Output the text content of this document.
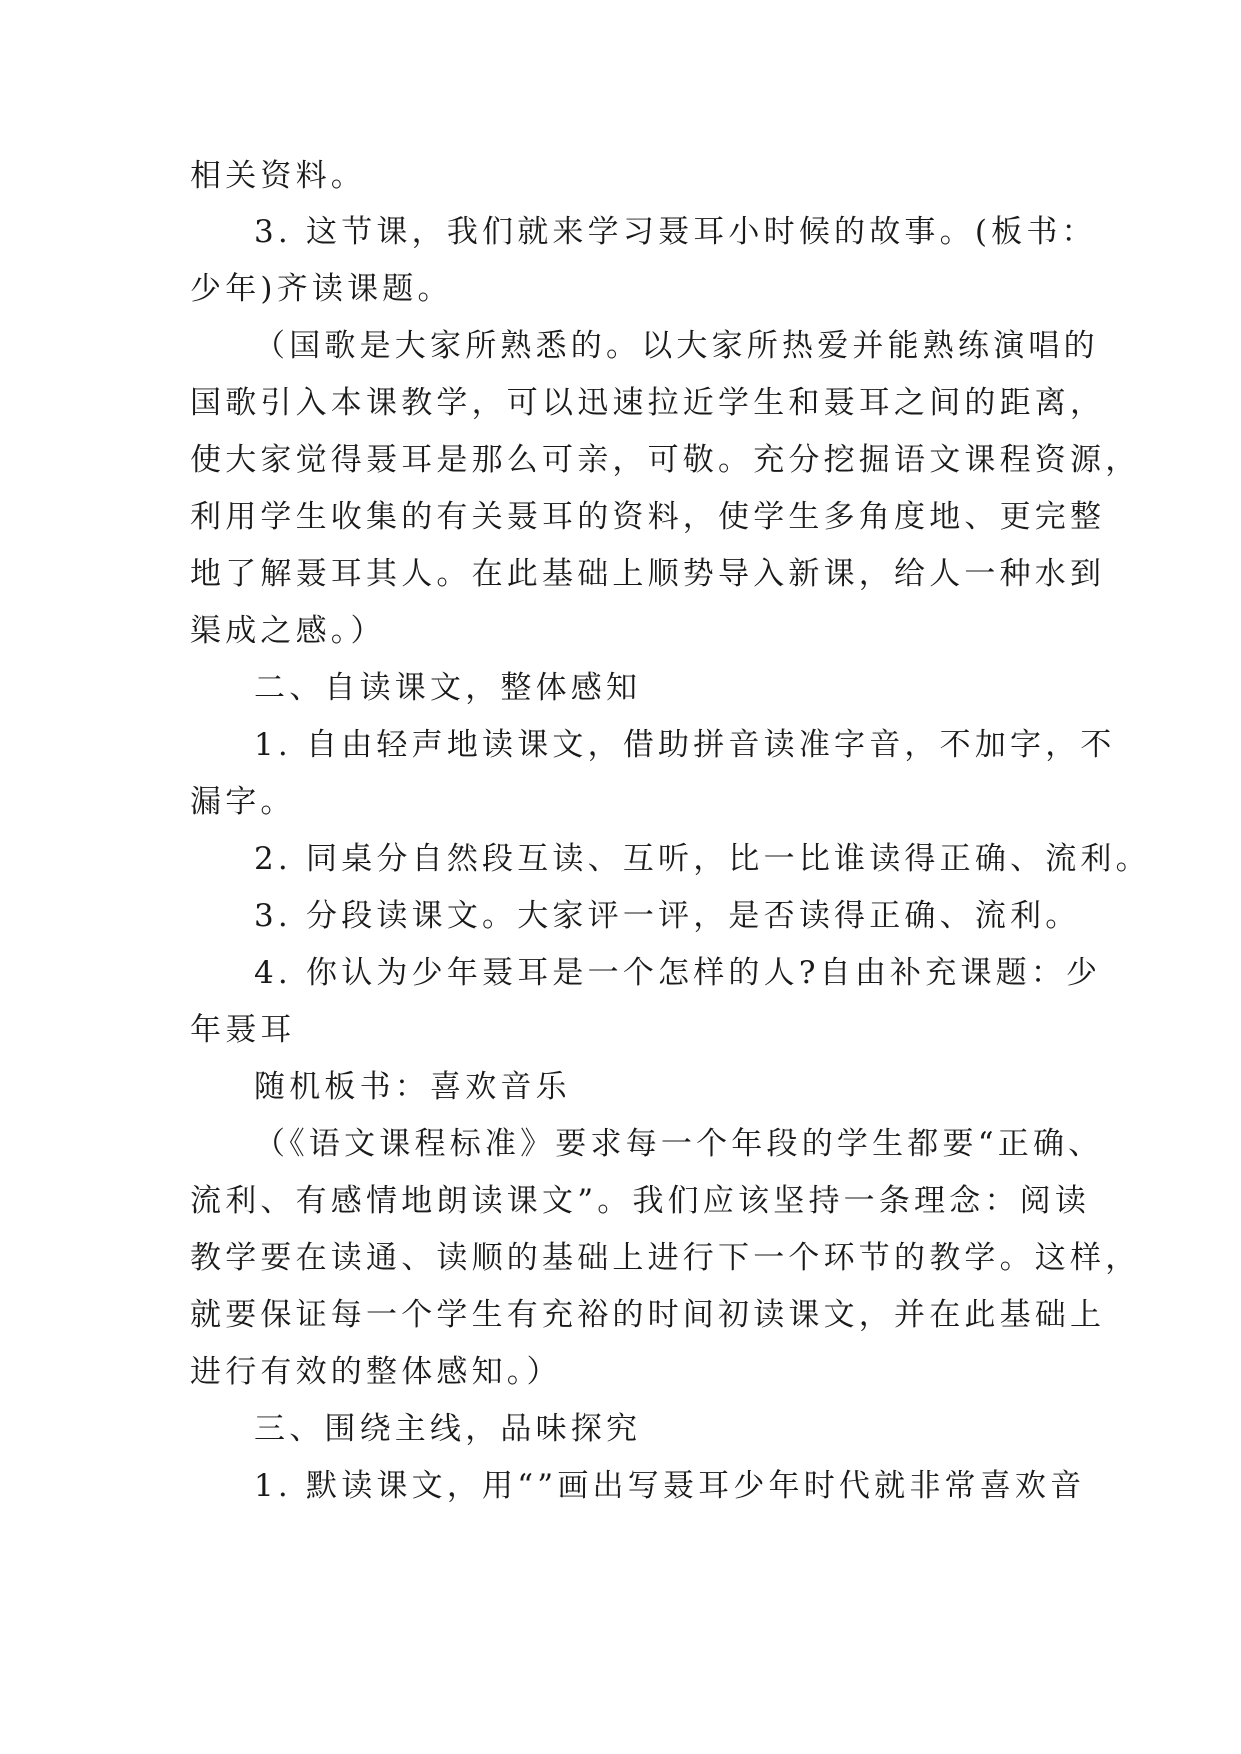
相关资料。
3. 这节课，我们就来学习聂耳小时候的故事。(板书：
少年)齐读课题。
（国歌是大家所熟悉的。以大家所热爱并能熟练演唱的
国歌引入本课教学，可以迅速拉近学生和聂耳之间的距离，
使大家觉得聂耳是那么可亲，可敬。充分挖掘语文课程资源，
利用学生收集的有关聂耳的资料，使学生多角度地、更完整
地了解聂耳其人。在此基础上顺势导入新课，给人一种水到
渠成之感。）
二、自读课文，整体感知
1. 自由轻声地读课文，借助拼音读准字音，不加字，不
漏字。
2. 同桌分自然段互读、互听，比一比谁读得正确、流利。
3. 分段读课文。大家评一评，是否读得正确、流利。
4. 你认为少年聂耳是一个怎样的人?自由补充课题：少
年聂耳
随机板书：喜欢音乐
（《语文课程标准》要求每一个年段的学生都要“正确、
流利、有感情地朗读课文”。我们应该坚持一条理念：阅读
教学要在读通、读顺的基础上进行下一个环节的教学。这样，
就要保证每一个学生有充裕的时间初读课文，并在此基础上
进行有效的整体感知。）
三、围绕主线，品味探究
1. 默读课文，用“”画出写聂耳少年时代就非常喜欢音
